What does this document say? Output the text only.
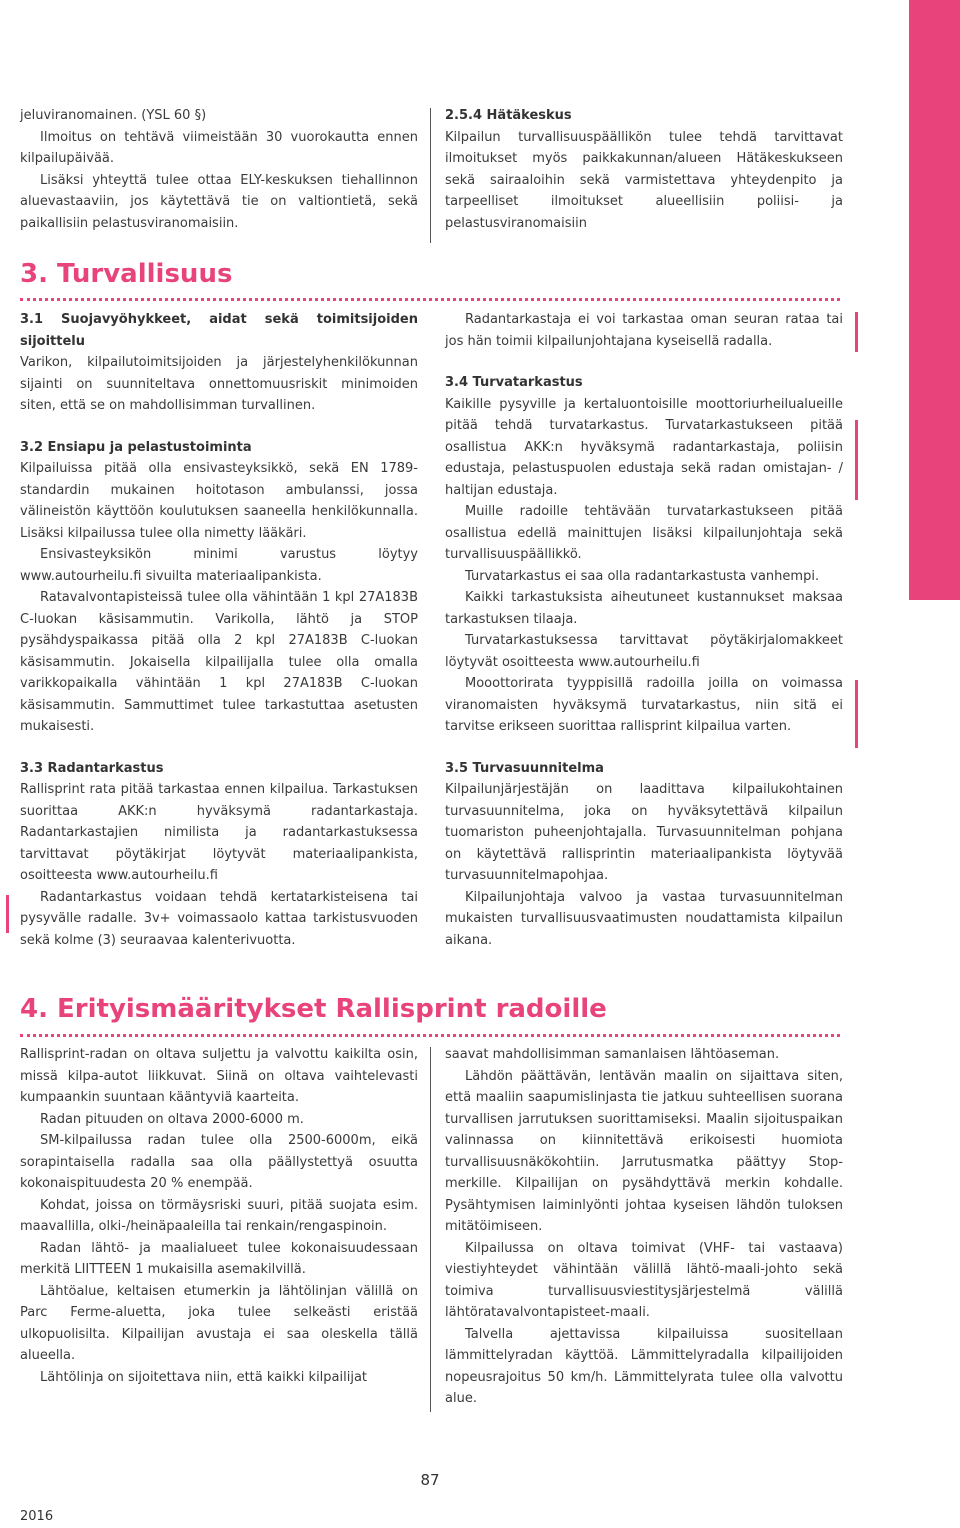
jeluviranomainen. (YSL 60 §)

Ilmoitus on tehtävä viimeistään 30 vuorokautta ennen kilpailupäivää.

Lisäksi yhteyttä tulee ottaa ELY-keskuksen tiehallinnon aluevastaaviin, jos käytettävä tie on valtiontietä, sekä paikallisiin pelastusviranomaisiin.

2.5.4 Hätäkeskus

Kilpailun turvallisuuspäällikön tulee tehdä tarvittavat ilmoitukset myös paikkakunnan/alueen Hätäkeskukseen sekä sairaaloihin sekä varmistettava yhteydenpito ja tarpeelliset ilmoitukset alueellisiin poliisi- ja pelastusviranomaisiin

3. Turvallisuus

3.1 Suojavyöhykkeet, aidat sekä toimitsijoiden sijoittelu

Varikon, kilpailutoimitsijoiden ja järjestelyhenkilökunnan sijainti on suunniteltava onnettomuusriskit minimoiden siten, että se on mahdollisimman turvallinen.

3.2 Ensiapu ja pelastustoiminta

Kilpailuissa pitää olla ensivasteyksikkö, sekä EN 1789-standardin mukainen hoitotason ambulanssi, jossa välineistön käyttöön koulutuksen saaneella henkilökunnalla. Lisäksi kilpailussa tulee olla nimetty lääkäri.

Ensivasteyksikön minimi varustus löytyy www.autourheilu.fi sivuilta materiaalipankista.

Ratavalvontapisteissä tulee olla vähintään 1 kpl 27A183B C-luokan käsisammutin. Varikolla, lähtö ja STOP pysähdyspaikassa pitää olla 2 kpl 27A183B C-luokan käsisammutin. Jokaisella kilpailijalla tulee olla omalla varikkopaikalla vähintään 1 kpl 27A183B C-luokan käsisammutin. Sammuttimet tulee tarkastuttaa asetusten mukaisesti.

3.3 Radantarkastus

Rallisprint rata pitää tarkastaa ennen kilpailua. Tarkastuksen suorittaa AKK:n hyväksymä radantarkastaja. Radantarkastajien nimilista ja radantarkastuksessa tarvittavat pöytäkirjat löytyvät materiaalipankista, osoitteesta www.autourheilu.fi

Radantarkastus voidaan tehdä kertatarkisteisena tai pysyvälle radalle. 3v+ voimassaolo kattaa tarkistusvuoden sekä kolme (3) seuraavaa kalenterivuotta.

Radantarkastaja ei voi tarkastaa oman seuran rataa tai jos hän toimii kilpailunjohtajana kyseisellä radalla.

3.4 Turvatarkastus

Kaikille pysyville ja kertaluontoisille moottoriurheilualueille pitää tehdä turvatarkastus. Turvatarkastukseen pitää osallistua AKK:n hyväksymä radantarkastaja, poliisin edustaja, pelastuspuolen edustaja sekä radan omistajan- / haltijan edustaja.

Muille radoille tehtävään turvatarkastukseen pitää osallistua edellä mainittujen lisäksi kilpailunjohtaja sekä turvallisuuspäällikkö.

Turvatarkastus ei saa olla radantarkastusta vanhempi.

Kaikki tarkastuksista aiheutuneet kustannukset maksaa tarkastuksen tilaaja.

Turvatarkastuksessa tarvittavat pöytäkirjalomakkeet löytyvät osoitteesta www.autourheilu.fi

Mooottorirata tyyppisillä radoilla joilla on voimassa viranomaisten hyväksymä turvatarkastus, niin sitä ei tarvitse erikseen suorittaa rallisprint kilpailua varten.

3.5 Turvasuunnitelma

Kilpailunjärjestäjän on laadittava kilpailukohtainen turvasuunnitelma, joka on hyväksytettävä kilpailun tuomariston puheenjohtajalla. Turvasuunnitelman pohjana on käytettävä rallisprintin materiaalipankista löytyvää turvasuunnitelmapohjaa.

Kilpailunjohtaja valvoo ja vastaa turvasuunnitelman mukaisten turvallisuusvaatimusten noudattamista kilpailun aikana.

4. Erityismääritykset Rallisprint radoille

Rallisprint-radan on oltava suljettu ja valvottu kaikilta osin, missä kilpa-autot liikkuvat. Siinä on oltava vaihtelevasti kumpaankin suuntaan kääntyviä kaarteita.

Radan pituuden on oltava 2000-6000 m.

SM-kilpailussa radan tulee olla 2500-6000m, eikä sorapintaisella radalla saa olla päällystettyä osuutta kokonaispituudesta 20 % enempää.

Kohdat, joissa on törmäysriski suuri, pitää suojata esim. maavallilla, olki-/heinäpaaleilla tai renkain/rengaspinoin.

Radan lähtö- ja maalialueet tulee kokonaisuudessaan merkitä LIITTEEN 1 mukaisilla asemakilvillä.

Lähtöalue, keltaisen etumerkin ja lähtölinjan välillä on Parc Ferme-aluetta, joka tulee selkeästi eristää ulkopuolisilta. Kilpailijan avustaja ei saa oleskella tällä alueella.

Lähtölinja on sijoitettava niin, että kaikki kilpailijat

saavat mahdollisimman samanlaisen lähtöaseman.

Lähdön päättävän, lentävän maalin on sijaittava siten, että maaliin saapumislinjasta tie jatkuu suhteellisen suorana turvallisen jarrutuksen suorittamiseksi. Maalin sijoituspaikan valinnassa on kiinnitettävä erikoisesti huomiota turvallisuusnäkökohtiin. Jarrutusmatka päättyy Stop-merkille. Kilpailijan on pysähdyttävä merkin kohdalle. Pysähtymisen laiminlyönti johtaa kyseisen lähdön tuloksen mitätöimiseen.

Kilpailussa on oltava toimivat (VHF- tai vastaava) viestiyhteydet vähintään välillä lähtö-maali-johto sekä toimiva turvallisuusviestitysjärjestelmä välillä lähtöratavalvontapisteet-maali.

Talvella ajettavissa kilpailuissa suositellaan lämmittelyradan käyttöä. Lämmittelyradalla kilpailijoiden nopeusrajoitus 50 km/h. Lämmittelyrata tulee olla valvottu alue.

87
2016
